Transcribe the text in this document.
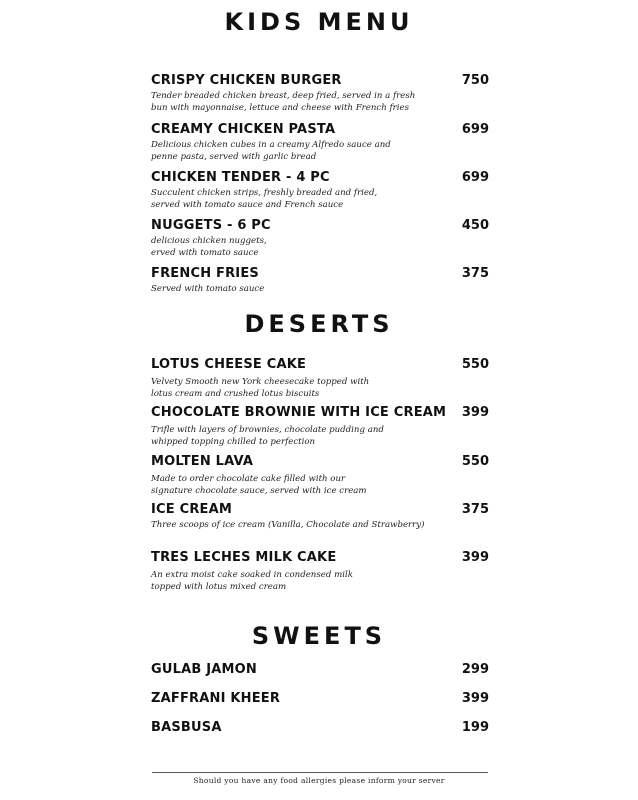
KIDS MENU
CRISPY CHICKEN BURGER	750
Tender breaded chicken breast, deep fried, served in a fresh
bun with mayonnaise, lettuce and cheese with French fries
CREAMY CHICKEN PASTA	699
Delicious chicken cubes in a creamy Alfredo sauce and
penne pasta, served with garlic bread
CHICKEN TENDER - 4 PC	699
Succulent chicken strips, freshly breaded and fried,
served with tomato sauce and French sauce
NUGGETS - 6 PC	450
delicious chicken nuggets,
erved with tomato sauce
FRENCH FRIES	375
Served with tomato sauce
DESERTS
LOTUS CHEESE CAKE	550
Velvety Smooth new York cheesecake topped with
lotus cream and crushed lotus biscuits
CHOCOLATE BROWNIE WITH ICE CREAM	399
Trifle with layers of brownies, chocolate pudding and
whipped topping chilled to perfection
MOLTEN LAVA	550
Made to order chocolate cake filled with our
signature chocolate sauce, served with ice cream
ICE CREAM	375
Three scoops of ice cream (Vanilla, Chocolate and Strawberry)
TRES LECHES MILK CAKE	399
An extra moist cake soaked in condensed milk
topped with lotus mixed cream
SWEETS
GULAB JAMON	299
ZAFFRANI KHEER	399
BASBUSA	199
Should you have any food allergies please inform your server
